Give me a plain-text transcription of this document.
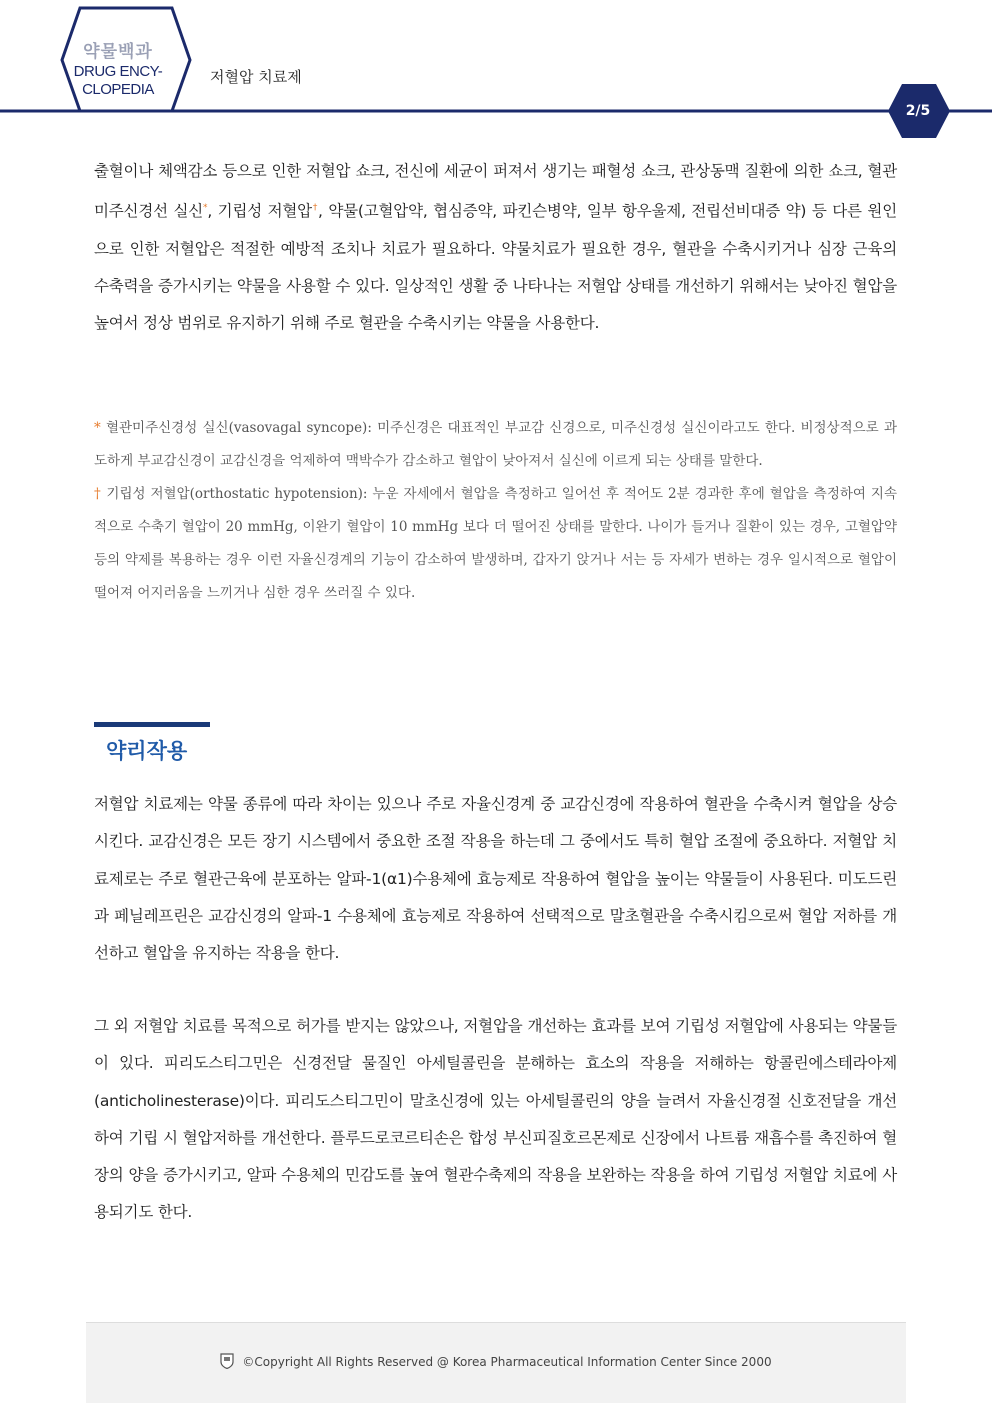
약물백과
DRUG ENCY-
CLOPEDIA
저혈압 치료제
2/5

출혈이나 체액감소 등으로 인한 저혈압 쇼크, 전신에 세균이 퍼져서 생기는 패혈성 쇼크, 관상동맥 질환에 의한 쇼크, 혈관미주신경선 실신*, 기립성 저혈압†, 약물(고혈압약, 협심증약, 파킨슨병약, 일부 항우울제, 전립선비대증 약) 등 다른 원인으로 인한 저혈압은 적절한 예방적 조치나 치료가 필요하다. 약물치료가 필요한 경우, 혈관을 수축시키거나 심장 근육의 수축력을 증가시키는 약물을 사용할 수 있다. 일상적인 생활 중 나타나는 저혈압 상태를 개선하기 위해서는 낮아진 혈압을 높여서 정상 범위로 유지하기 위해 주로 혈관을 수축시키는 약물을 사용한다.

* 혈관미주신경성 실신(vasovagal syncope): 미주신경은 대표적인 부교감 신경으로, 미주신경성 실신이라고도 한다. 비정상적으로 과도하게 부교감신경이 교감신경을 억제하여 맥박수가 감소하고 혈압이 낮아져서 실신에 이르게 되는 상태를 말한다.

† 기립성 저혈압(orthostatic hypotension): 누운 자세에서 혈압을 측정하고 일어선 후 적어도 2분 경과한 후에 혈압을 측정하여 지속적으로 수축기 혈압이 20 mmHg, 이완기 혈압이 10 mmHg 보다 더 떨어진 상태를 말한다. 나이가 들거나 질환이 있는 경우, 고혈압약 등의 약제를 복용하는 경우 이런 자율신경계의 기능이 감소하여 발생하며, 갑자기 앉거나 서는 등 자세가 변하는 경우 일시적으로 혈압이 떨어져 어지러움을 느끼거나 심한 경우 쓰러질 수 있다.

약리작용

저혈압 치료제는 약물 종류에 따라 차이는 있으나 주로 자율신경계 중 교감신경에 작용하여 혈관을 수축시켜 혈압을 상승시킨다. 교감신경은 모든 장기 시스템에서 중요한 조절 작용을 하는데 그 중에서도 특히 혈압 조절에 중요하다. 저혈압 치료제로는 주로 혈관근육에 분포하는 알파-1(α1)수용체에 효능제로 작용하여 혈압을 높이는 약물들이 사용된다. 미도드린과 페닐레프린은 교감신경의 알파-1 수용체에 효능제로 작용하여 선택적으로 말초혈관을 수축시킴으로써 혈압 저하를 개선하고 혈압을 유지하는 작용을 한다.

그 외 저혈압 치료를 목적으로 허가를 받지는 않았으나, 저혈압을 개선하는 효과를 보여 기립성 저혈압에 사용되는 약물들이 있다. 피리도스티그민은 신경전달 물질인 아세틸콜린을 분해하는 효소의 작용을 저해하는 항콜린에스테라아제(anticholinesterase)이다. 피리도스티그민이 말초신경에 있는 아세틸콜린의 양을 늘려서 자율신경절 신호전달을 개선하여 기립 시 혈압저하를 개선한다. 플루드로코르티손은 합성 부신피질호르몬제로 신장에서 나트륨 재흡수를 촉진하여 혈장의 양을 증가시키고, 알파 수용체의 민감도를 높여 혈관수축제의 작용을 보완하는 작용을 하여 기립성 저혈압 치료에 사용되기도 한다.

©Copyright All Rights Reserved @ Korea Pharmaceutical Information Center Since 2000
